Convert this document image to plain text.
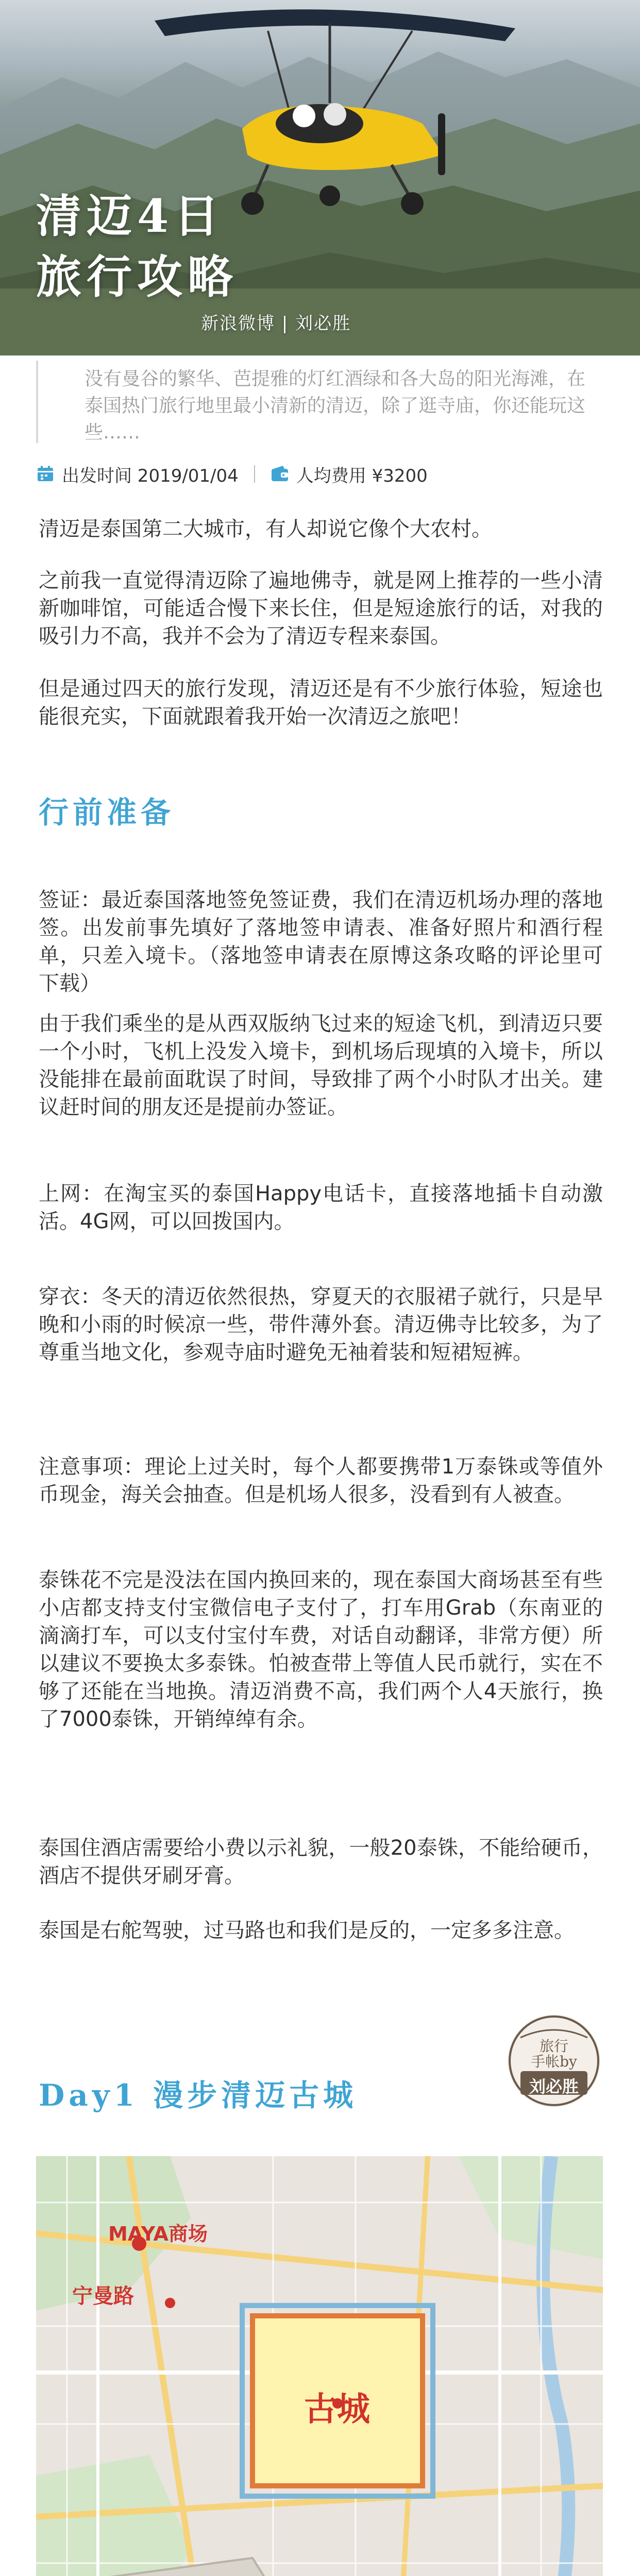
清迈4日
旅行攻略
新浪微博 | 刘必胜
没有曼谷的繁华、芭提雅的灯红酒绿和各大岛的阳光海滩，在泰国热门旅行地里最小清新的清迈，除了逛寺庙，你还能玩这些……
出发时间 2019/01/04	人均费用 ¥3200
清迈是泰国第二大城市，有人却说它像个大农村。
之前我一直觉得清迈除了遍地佛寺，就是网上推荐的一些小清新咖啡馆，可能适合慢下来长住，但是短途旅行的话，对我的吸引力不高，我并不会为了清迈专程来泰国。
但是通过四天的旅行发现，清迈还是有不少旅行体验，短途也能很充实，下面就跟着我开始一次清迈之旅吧！
行前准备
签证：最近泰国落地签免签证费，我们在清迈机场办理的落地签。出发前事先填好了落地签申请表、准备好照片和酒行程单，只差入境卡。（落地签申请表在原博这条攻略的评论里可下载）
由于我们乘坐的是从西双版纳飞过来的短途飞机，到清迈只要一个小时，飞机上没发入境卡，到机场后现填的入境卡，所以没能排在最前面耽误了时间，导致排了两个小时队才出关。建议赶时间的朋友还是提前办签证。
上网：在淘宝买的泰国Happy电话卡，直接落地插卡自动激活。4G网，可以回拨国内。
穿衣：冬天的清迈依然很热，穿夏天的衣服裙子就行，只是早晚和小雨的时候凉一些，带件薄外套。清迈佛寺比较多，为了尊重当地文化，参观寺庙时避免无袖着装和短裙短裤。
注意事项：理论上过关时，每个人都要携带1万泰铢或等值外币现金，海关会抽查。但是机场人很多，没看到有人被查。
泰铢花不完是没法在国内换回来的，现在泰国大商场甚至有些小店都支持支付宝微信电子支付了，打车用Grab（东南亚的滴滴打车，可以支付宝付车费，对话自动翻译，非常方便）所以建议不要换太多泰铢。怕被查带上等值人民币就行，实在不够了还能在当地换。清迈消费不高，我们两个人4天旅行，换了7000泰铢，开销绰绰有余。
泰国住酒店需要给小费以示礼貌，一般20泰铢，不能给硬币，酒店不提供牙刷牙膏。
泰国是右舵驾驶，过马路也和我们是反的，一定多多注意。
Day1 漫步清迈古城
旅行
手帐by
刘必胜
MAYA商场
宁曼路
古城
